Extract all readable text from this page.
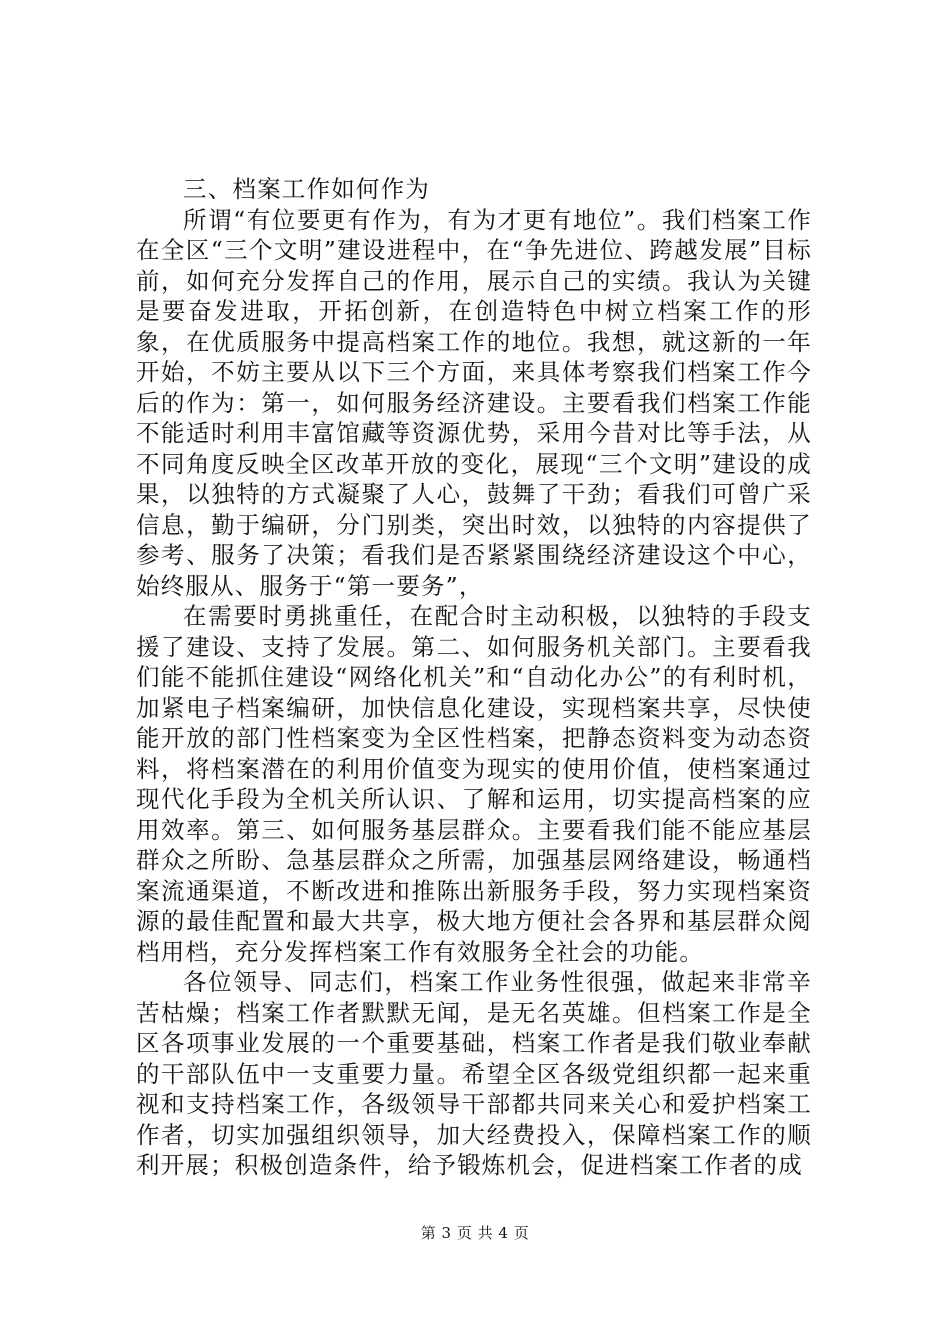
三、档案工作如何作为

所谓“有位要更有作为，有为才更有地位”。我们档案工作在全区“三个文明”建设进程中，在“争先进位、跨越发展”目标前，如何充分发挥自己的作用，展示自己的实绩。我认为关键是要奋发进取，开拓创新，在创造特色中树立档案工作的形象，在优质服务中提高档案工作的地位。我想，就这新的一年开始，不妨主要从以下三个方面，来具体考察我们档案工作今后的作为：第一，如何服务经济建设。主要看我们档案工作能不能适时利用丰富馆藏等资源优势，采用今昔对比等手法，从不同角度反映全区改革开放的变化，展现“三个文明”建设的成果，以独特的方式凝聚了人心，鼓舞了干劲；看我们可曾广采信息，勤于编研，分门别类，突出时效，以独特的内容提供了参考、服务了决策；看我们是否紧紧围绕经济建设这个中心，始终服从、服务于“第一要务”，

在需要时勇挑重任，在配合时主动积极，以独特的手段支援了建设、支持了发展。第二、如何服务机关部门。主要看我们能不能抓住建设“网络化机关”和“自动化办公”的有利时机，加紧电子档案编研，加快信息化建设，实现档案共享，尽快使能开放的部门性档案变为全区性档案，把静态资料变为动态资料，将档案潜在的利用价值变为现实的使用价值，使档案通过现代化手段为全机关所认识、了解和运用，切实提高档案的应用效率。第三、如何服务基层群众。主要看我们能不能应基层群众之所盼、急基层群众之所需，加强基层网络建设，畅通档案流通渠道，不断改进和推陈出新服务手段，努力实现档案资源的最佳配置和最大共享，极大地方便社会各界和基层群众阅档用档，充分发挥档案工作有效服务全社会的功能。

各位领导、同志们，档案工作业务性很强，做起来非常辛苦枯燥；档案工作者默默无闻，是无名英雄。但档案工作是全区各项事业发展的一个重要基础，档案工作者是我们敬业奉献的干部队伍中一支重要力量。希望全区各级党组织都一起来重视和支持档案工作，各级领导干部都共同来关心和爱护档案工作者，切实加强组织领导，加大经费投入，保障档案工作的顺利开展；积极创造条件，给予锻炼机会，促进档案工作者的成

第 3 页 共 4 页
